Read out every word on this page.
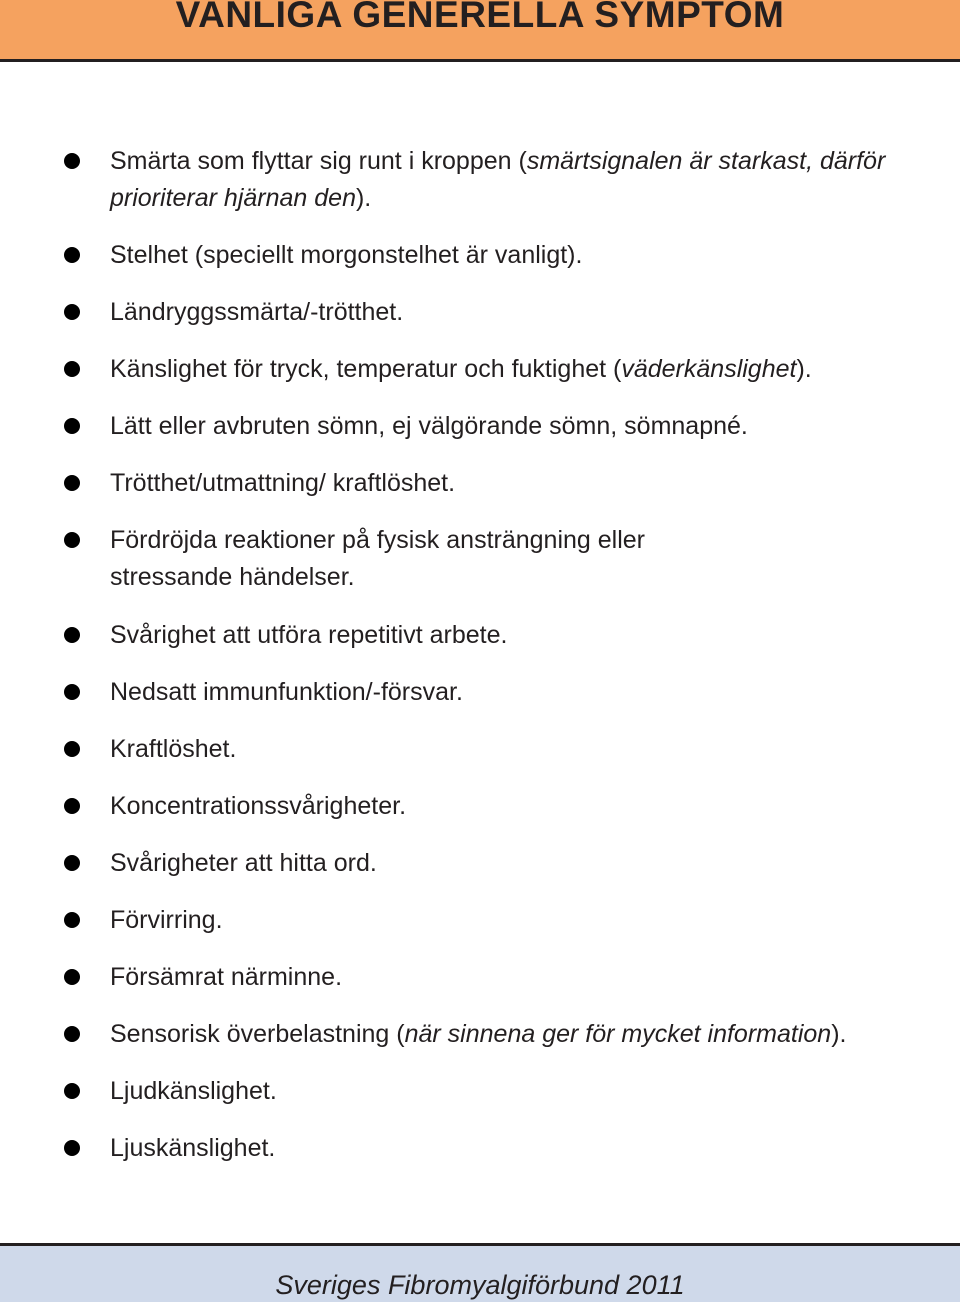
VANLIGA GENERELLA SYMPTOM
Smärta som flyttar sig runt i kroppen (smärtsignalen är starkast, därför
prioriterar hjärnan den).
Stelhet (speciellt morgonstelhet är vanligt).
Ländryggssmärta/-trötthet.
Känslighet för tryck, temperatur och fuktighet (väderkänslighet).
Lätt eller avbruten sömn, ej välgörande sömn, sömnapné.
Trötthet/utmattning/ kraftlöshet.
Fördröjda reaktioner på fysisk ansträngning eller
stressande händelser.
Svårighet att utföra repetitivt arbete.
Nedsatt immunfunktion/-försvar.
Kraftlöshet.
Koncentrationssvårigheter.
Svårigheter att hitta ord.
Förvirring.
Försämrat närminne.
Sensorisk överbelastning (när sinnena ger för mycket information).
Ljudkänslighet.
Ljuskänslighet.
Sveriges Fibromyalgiförbund 2011
